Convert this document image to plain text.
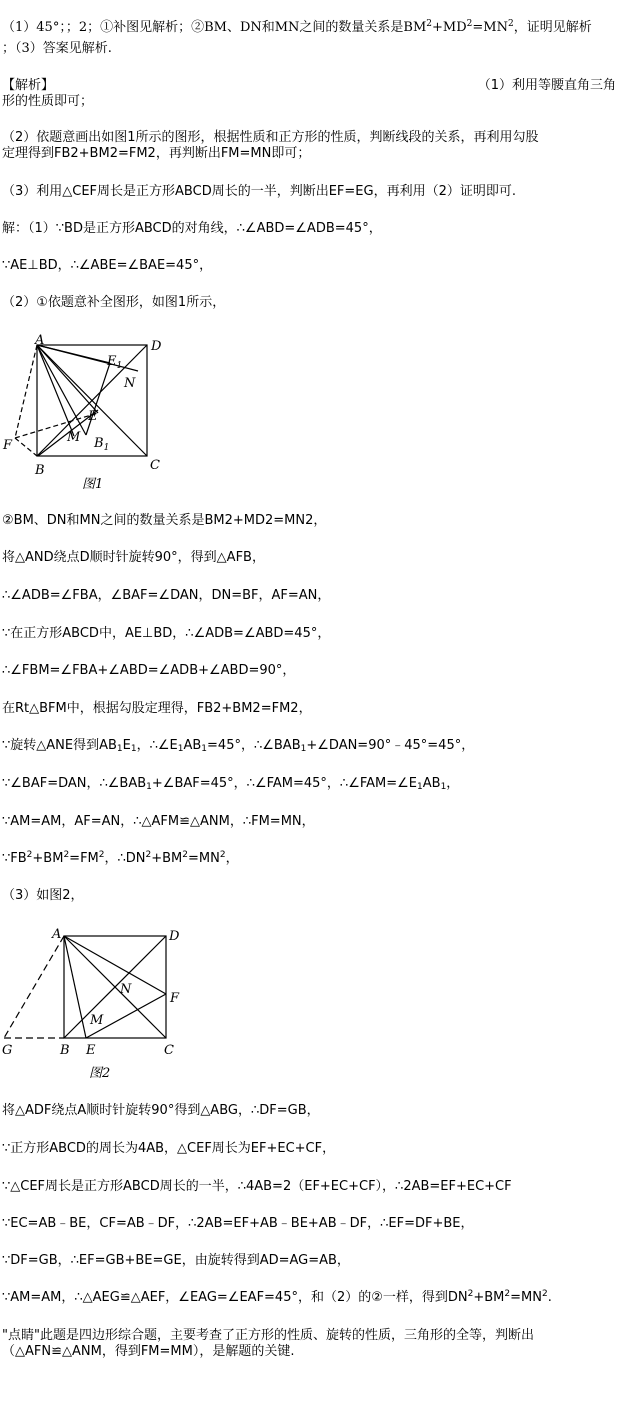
（1）45°；；2；①补图见解析；②BM、DN和MN之间的数量关系是$BM^2+MD^2=MN^2$，证明见解析
；（3）答案见解析.
【解析】	（1）利用等腰直角三角
形的性质即可；
（2）依题意画出如图1所示的图形，根据性质和正方形的性质，判断线段的关系，再利用勾股
定理得到FB2+BM2=FM2，再判断出FM=MN即可；
（3）利用△CEF周长是正方形ABCD周长的一半，判断出EF=EG，再利用（2）证明即可.
解：（1）∵BD是正方形ABCD的对角线，∴∠ABD=∠ADB=45°，
∵AE⊥BD，∴∠ABE=∠BAE=45°，
（2）①依题意补全图形，如图1所示，
A	D
$E_1$
N
E
F
M $B_1$
B	C
图1
②BM、DN和MN之间的数量关系是BM2+MD2=MN2，
将△AND绕点D顺时针旋转90°，得到△AFB，
∴∠ADB=∠FBA，∠BAF=∠DAN，DN=BF，AF=AN，
∵在正方形ABCD中，AE⊥BD，∴∠ADB=∠ABD=45°，
∴∠FBM=∠FBA+∠ABD=∠ADB+∠ABD=90°，
在Rt△BFM中，根据勾股定理得，FB2+BM2=FM2，
∵旋转△ANE得到$AB_1E_1$，$\therefore\angle E_1AB_1=45^\circ$，$\therefore\angle BAB_1+\angle DAN=90^\circ﹣45^\circ=45^\circ$，
∵∠BAF=DAN，$\therefore\angle BAB_1+\angle BAF=45^\circ$，∴∠FAM=45°，$\therefore\angle FAM=\angle E_1AB_1$，
∵AM=AM，AF=AN，∴△AFM≌△ANM，∴FM=MN，
$\because FB^2+BM^2=FM^2$，$\therefore DN^2+BM^2=MN^2$，
（3）如图2，
A	D
N
F
M
G	B E	C
图2
将△ADF绕点A顺时针旋转90°得到△ABG，∴DF=GB，
∵正方形ABCD的周长为4AB，△CEF周长为EF+EC+CF，
∵△CEF周长是正方形ABCD周长的一半，∴4AB=2（EF+EC+CF），∴2AB=EF+EC+CF
∵EC=AB﹣BE，CF=AB﹣DF，∴2AB=EF+AB﹣BE+AB﹣DF，∴EF=DF+BE，
∵DF=GB，∴EF=GB+BE=GE，由旋转得到AD=AG=AB，
∵AM=AM，∴△AEG≌△AEF，∠EAG=∠EAF=45°，和（2）的②一样，得到$DN^2+BM^2=MN^2$.
"点睛"此题是四边形综合题，主要考查了正方形的性质、旋转的性质，三角形的全等，判断出
（△AFN≌△ANM，得到FM=MM），是解题的关键.
